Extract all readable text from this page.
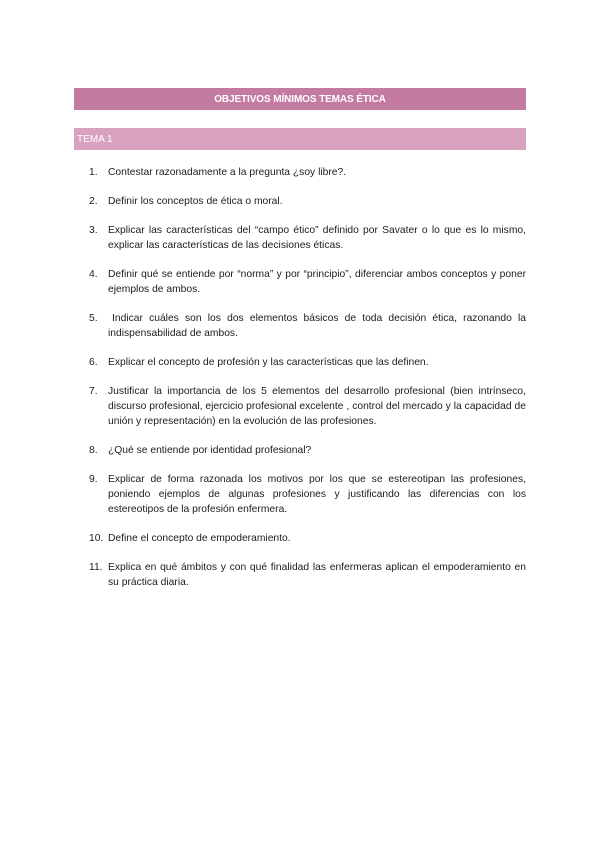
OBJETIVOS MÍNIMOS TEMAS ÉTICA
TEMA 1
1.	Contestar razonadamente a la pregunta ¿soy libre?.
2.	Definir los conceptos de ética o moral.
3.	Explicar las características del “campo ético” definido por Savater o lo que es lo mismo, explicar las características de las decisiones éticas.
4.	Definir qué se entiende por “norma” y por “principio”, diferenciar ambos conceptos y poner ejemplos de ambos.
5.	Indicar cuáles son los dos elementos básicos de toda decisión ética, razonando la indispensabilidad de ambos.
6.	Explicar el concepto de profesión y las características que las definen.
7.	Justificar la importancia de los 5 elementos del desarrollo profesional (bien intrínseco, discurso profesional, ejercicio profesional excelente , control del mercado y la capacidad de unión y representación) en la evolución de las profesiones.
8.	¿Qué se entiende por identidad profesional?
9.	Explicar de forma razonada los motivos por los que se estereotipan las profesiones, poniendo ejemplos de algunas profesiones y justificando las diferencias con los estereotipos de la profesión enfermera.
10. Define el concepto de empoderamiento.
11. Explica en qué ámbitos y con qué finalidad las enfermeras aplican el empoderamiento en su práctica diaria.
